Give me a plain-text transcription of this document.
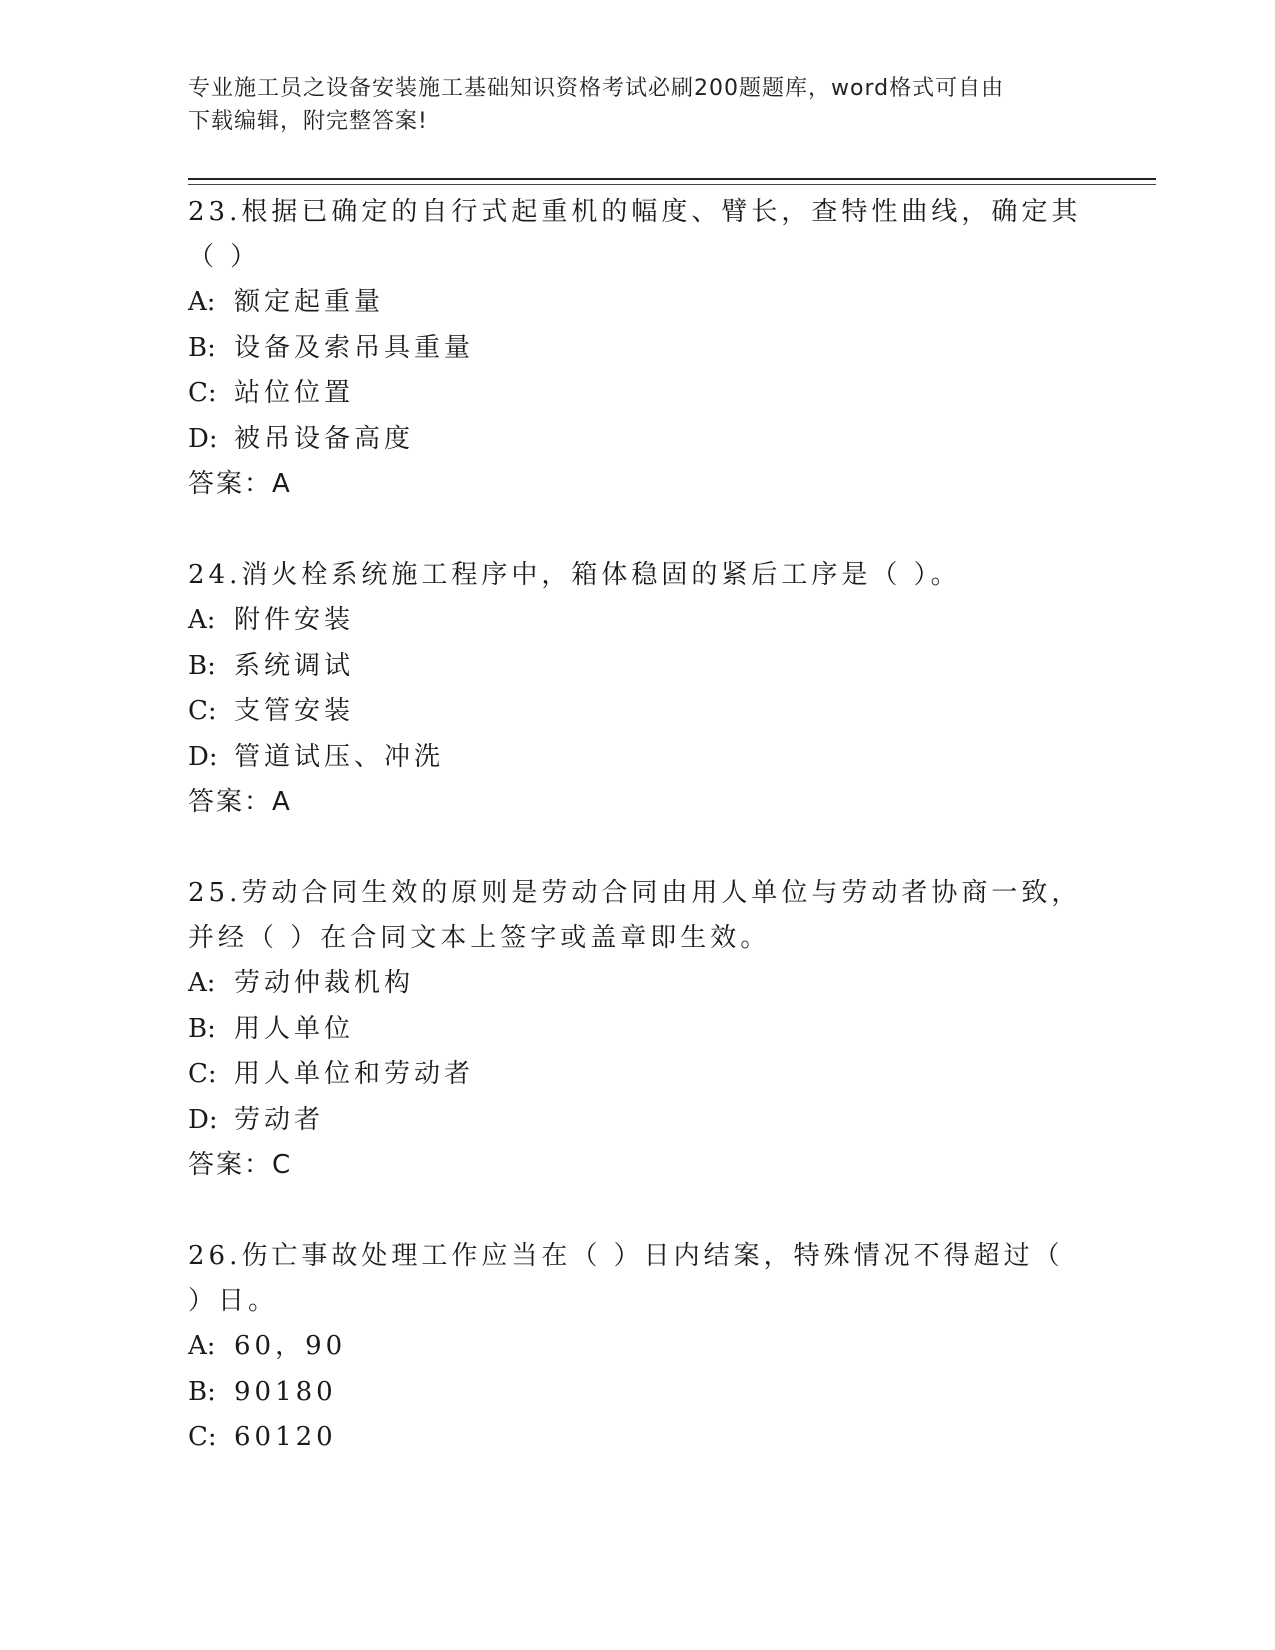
专业施工员之设备安装施工基础知识资格考试必刷200题题库，word格式可自由
下载编辑，附完整答案!

23.根据已确定的自行式起重机的幅度、臂长，查特性曲线，确定其（ ）

A: 额定起重量

B: 设备及索吊具重量

C: 站位位置

D: 被吊设备高度

答案：A

24.消火栓系统施工程序中，箱体稳固的紧后工序是（ ）。

A: 附件安装

B: 系统调试

C: 支管安装

D: 管道试压、冲洗

答案：A

25.劳动合同生效的原则是劳动合同由用人单位与劳动者协商一致，并经（ ）在合同文本上签字或盖章即生效。

A: 劳动仲裁机构

B: 用人单位

C: 用人单位和劳动者

D: 劳动者

答案：C

26.伤亡事故处理工作应当在（ ）日内结案，特殊情况不得超过（ ）日。

A: 60，90

B: 90180

C: 60120
